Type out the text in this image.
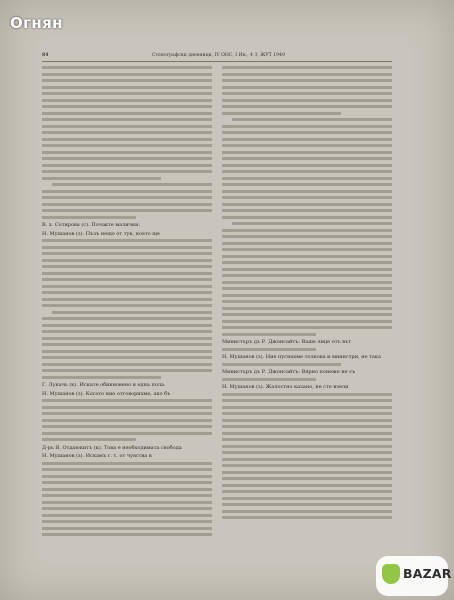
Огнян
84	Стенографски дневници, IV ОНС, I Ин., 4 З, ЖУТ 1949
В. х. Сотирова (с). Почакте малички.
Н. Мушанов (з). Пъзъ нещо от тук, което ще
Г. Лукачь (к). Искате обикновено и една пола.
Н. Мушанов (з). Когато ние отговорихме, ако бъ
Д-рь Я. Отдаюкитъ (к). Това е необходимата свобода
Н. Мушанов (з). Искамъ г. т. от чувства в
Министъръ дъ Р. Джонсайтъ: Ваше лице отъ вът
Н. Мушанов (з). Ние пуснахме толкова и министри, не така
Министъръ дъ Р. Джонсайтъ: Вярно понеже не съ
Н. Мушанов (з). Жалостно казано, не сте взели
BAZAR
